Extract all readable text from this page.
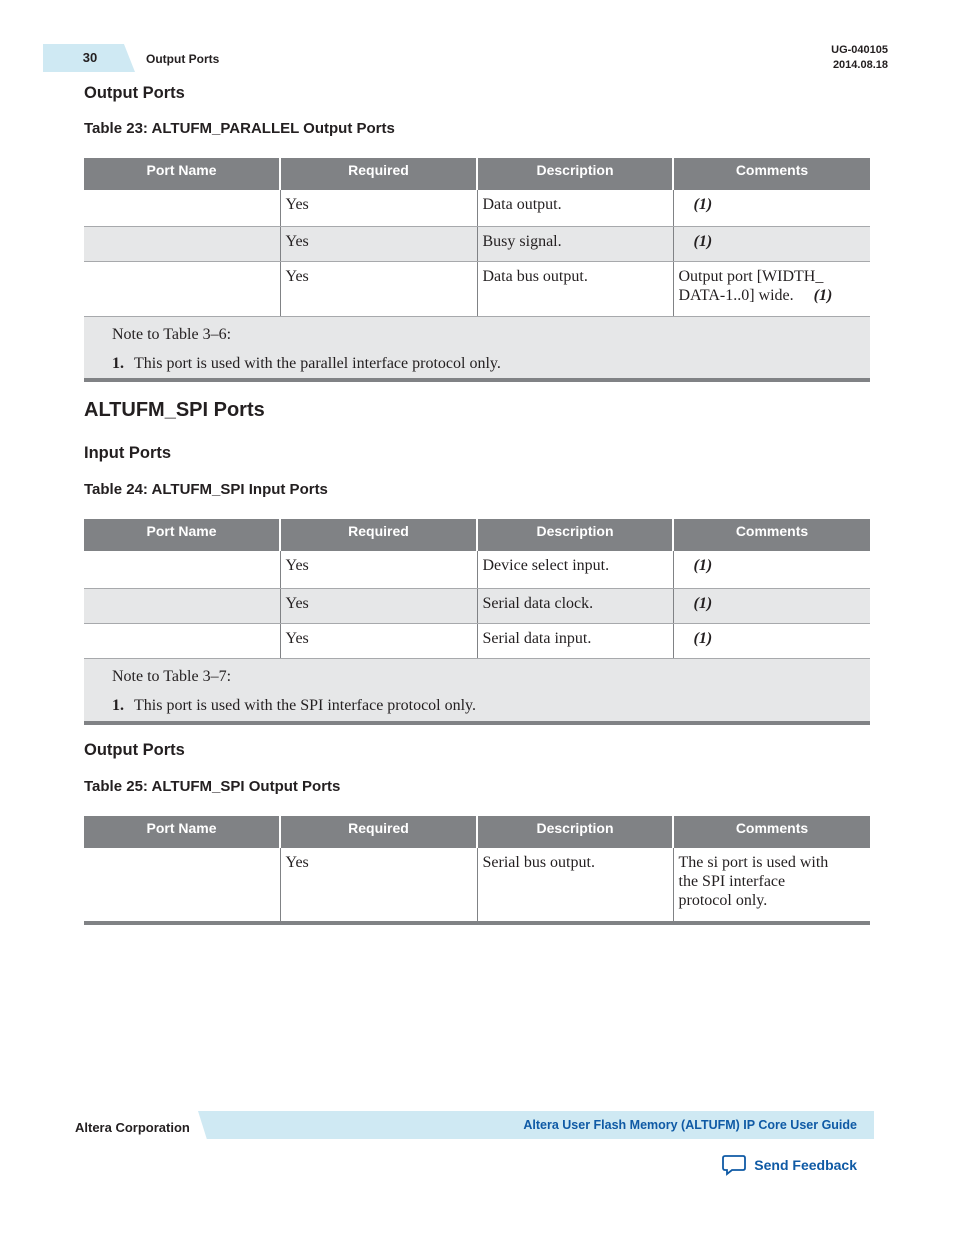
30	Output Ports
UG-040105
2014.08.18
Output Ports
Table 23: ALTUFM_PARALLEL Output Ports
Port Name	Required	Description	Comments
	Yes	Data output.	(1)
	Yes	Busy signal.	(1)
	Yes	Data bus output.	Output port [WIDTH_
DATA-1..0] wide. (1)

Note to Table 3–6:
1. This port is used with the parallel interface protocol only.			
ALTUFM_SPI Ports
Input Ports
Table 24: ALTUFM_SPI Input Ports
Port Name	Required	Description	Comments
	Yes	Device select input.	(1)
	Yes	Serial data clock.	(1)
	Yes	Serial data input.	(1)

Note to Table 3–7:
1. This port is used with the SPI interface protocol only.			
Output Ports
Table 25: ALTUFM_SPI Output Ports
Port Name	Required	Description	Comments
	Yes	Serial bus output.	The si port is used with
the SPI interface
protocol only.
Altera Corporation	Altera User Flash Memory (ALTUFM) IP Core User Guide
Send Feedback
